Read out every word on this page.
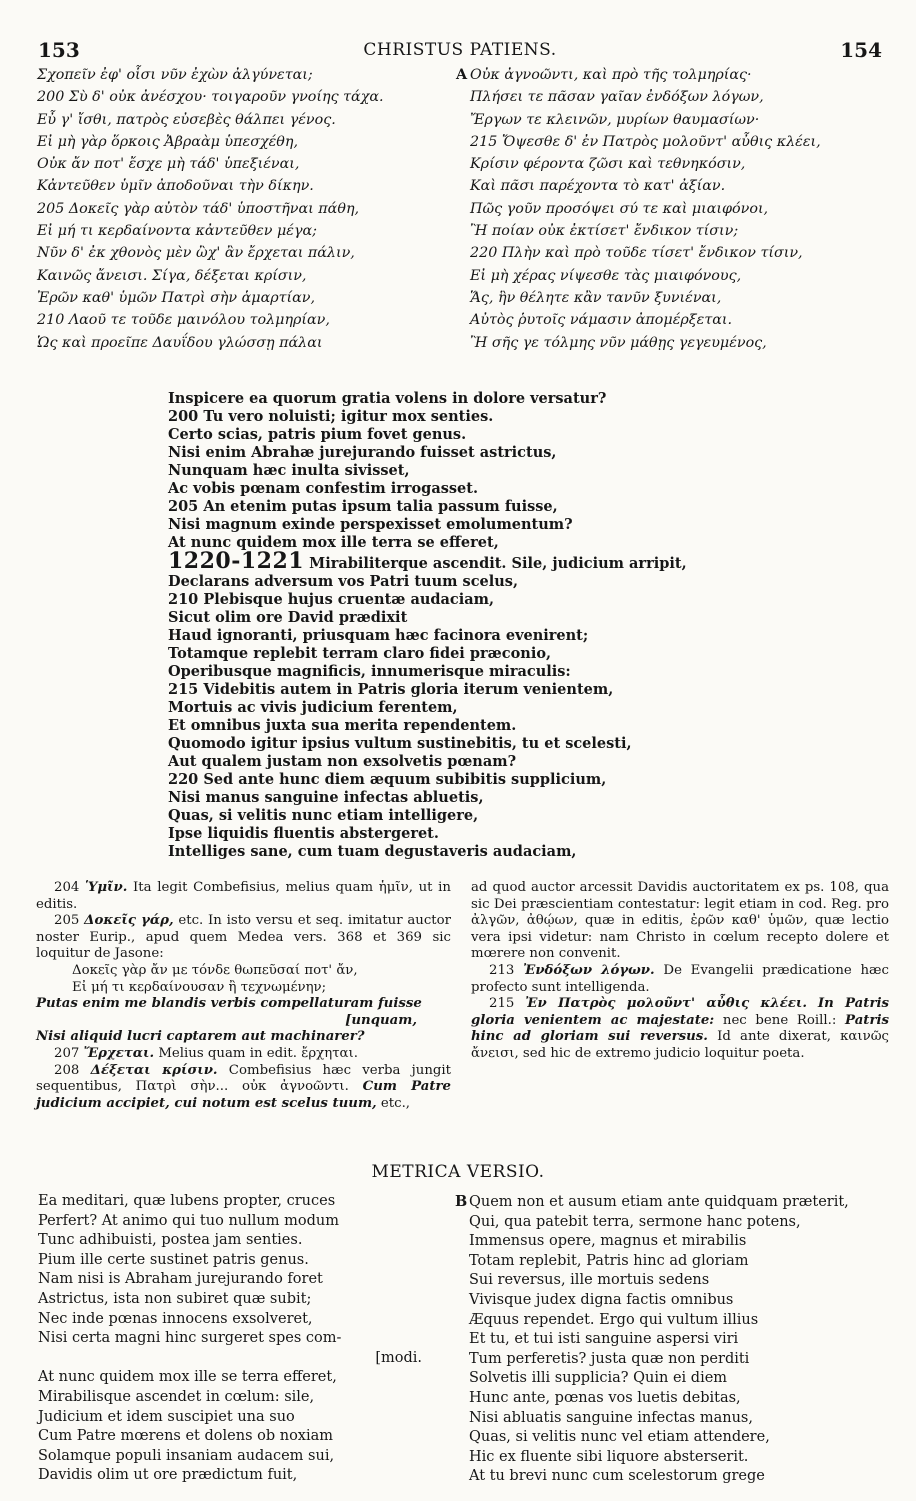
153	CHRISTUS PATIENS.	154
Σχοπεῖν ἐφ' οἷσι νῦν ἐχὼν ἀλγύνεται;
200 Σὺ δ' οὐκ ἀνέσχου· τοιγαροῦν γνοίης τάχα.
Εὖ γ' ἴσθι, πατρὸς εὐσεβὲς θάλπει γένος.
Εἰ μὴ γὰρ ὅρκοις Ἀβραὰμ ὑπεσχέθη,
Οὐκ ἄν ποτ' ἔσχε μὴ τάδ' ὑπεξιέναι,
Κἀντεῦθεν ὑμῖν ἀποδοῦναι τὴν δίκην.
205 Δοκεῖς γὰρ αὐτὸν τάδ' ὑποστῆναι πάθη,
Εἰ μή τι κερδαίνοντα κἀντεῦθεν μέγα;
Νῦν δ' ἐκ χθονὸς μὲν ὢχ' ἂν ἔρχεται πάλιν,
Καινῶς ἄνεισι. Σίγα, δέξεται κρίσιν,
Ἐρῶν καθ' ὑμῶν Πατρὶ σὴν ἁμαρτίαν,
210 Λαοῦ τε τοῦδε μαινόλου τολμηρίαν,
Ὡς καὶ προεῖπε Δαυΐδου γλώσσῃ πάλαι
A Οὐκ ἀγνοῶντι, καὶ πρὸ τῆς τολμηρίας·
Πλήσει τε πᾶσαν γαῖαν ἐνδόξων λόγων,
Ἔργων τε κλεινῶν, μυρίων θαυμασίων·
215 Ὄψεσθε δ' ἐν Πατρὸς μολοῦντ' αὖθις κλέει,
Κρίσιν φέροντα ζῶσι καὶ τεθνηκόσιν,
Καὶ πᾶσι παρέχοντα τὸ κατ' ἀξίαν.
Πῶς γοῦν προσόψει σύ τε καὶ μιαιφόνοι,
Ἢ ποίαν οὐκ ἐκτίσετ' ἔνδικον τίσιν;
220 Πλὴν καὶ πρὸ τοῦδε τίσετ' ἔνδικον τίσιν,
Εἰ μὴ χέρας νίψεσθε τὰς μιαιφόνους,
Ἅς, ἣν θέλητε κἂν τανῦν ξυνιέναι,
Αὐτὸς ῥυτοῖς νάμασιν ἀπομέρξεται.
Ἢ σῆς γε τόλμης νῦν μάθῃς γεγευμένος,
Inspicere ea quorum gratia volens in dolore versatur?
200 Tu vero noluisti; igitur mox senties.
Certo scias, patris pium fovet genus.
Nisi enim Abrahæ jurejurando fuisset astrictus,
Nunquam hæc inulta sivisset,
Ac vobis pœnam confestim irrogasset.
205 An etenim putas ipsum talia passum fuisse,
Nisi magnum exinde perspexisset emolumentum?
At nunc quidem mox ille terra se efferet,
1220-1221 Mirabiliterque ascendit. Sile, judicium arripit,
Declarans adversum vos Patri tuum scelus,
210 Plebisque hujus cruentæ audaciam,
Sicut olim ore David prædixit
Haud ignoranti, priusquam hæc facinora evenirent;
Totamque replebit terram claro fidei præconio,
Operibusque magnificis, innumerisque miraculis:
215 Videbitis autem in Patris gloria iterum venientem,
Mortuis ac vivis judicium ferentem,
Et omnibus juxta sua merita rependentem.
Quomodo igitur ipsius vultum sustinebitis, tu et scelesti,
Aut qualem justam non exsolvetis pœnam?
220 Sed ante hunc diem æquum subibitis supplicium,
Nisi manus sanguine infectas abluetis,
Quas, si velitis nunc etiam intelligere,
Ipse liquidis fluentis abstergeret.
Intelliges sane, cum tuam degustaveris audaciam,

204 Ὑμῖν. Ita legit Combefisius, melius quam ἡμῖν, ut in editis.

205 Δοκεῖς γάρ, etc. In isto versu et seq. imitatur auctor noster Eurip., apud quem Medea vers. 368 et 369 sic loquitur de Jasone:

Δοκεῖς γὰρ ἄν με τόνδε θωπεῦσαί ποτ' ἄν,

Εἰ μή τι κερδαίνουσαν ἢ τεχνωμένην;

Putas enim me blandis verbis compellaturam fuisse

[unquam,

Nisi aliquid lucri captarem aut machinarer?

207 Ἔρχεται. Melius quam in edit. ἔρχηται.

208 Δέξεται κρίσιν. Combefisius hæc verba jungit sequentibus, Πατρὶ σὴν... οὐκ ἀγνοῶντι. Cum Patre judicium accipiet, cui notum est scelus tuum, etc.,

ad quod auctor arcessit Davidis auctoritatem ex ps. 108, qua sic Dei præscientiam contestatur: legit etiam in cod. Reg. pro ἀλγῶν, ἀθῴων, quæ in editis, ἐρῶν καθ' ὑμῶν, quæ lectio vera ipsi videtur: nam Christo in cœlum recepto dolere et mœrere non convenit.

213 Ἐνδόξων λόγων. De Evangelii prædicatione hæc profecto sunt intelligenda.

215 Ἐν Πατρὸς μολοῦντ' αὖθις κλέει. In Patris gloria venientem ac majestate: nec bene Roill.: Patris hinc ad gloriam sui reversus. Id ante dixerat, καινῶς ἄνεισι, sed hic de extremo judicio loquitur poeta.

METRICA VERSIO.
Ea meditari, quæ lubens propter, cruces
Perfert? At animo qui tuo nullum modum
Tunc adhibuisti, postea jam senties.
Pium ille certe sustinet patris genus.
Nam nisi is Abraham jurejurando foret
Astrictus, ista non subiret quæ subit;
Nec inde pœnas innocens exsolveret,
Nisi certa magni hinc surgeret spes com-
[modi.
At nunc quidem mox ille se terra efferet,
Mirabilisque ascendet in cœlum: sile,
Judicium et idem suscipiet una suo
Cum Patre mœrens et dolens ob noxiam
Solamque populi insaniam audacem sui,
Davidis olim ut ore prædictum fuit,
B Quem non et ausum etiam ante quidquam præterit,
Qui, qua patebit terra, sermone hanc potens,
Immensus opere, magnus et mirabilis
Totam replebit, Patris hinc ad gloriam
Sui reversus, ille mortuis sedens
Vivisque judex digna factis omnibus
Æquus rependet. Ergo qui vultum illius
Et tu, et tui isti sanguine aspersi viri
Tum perferetis? justa quæ non perditi
Solvetis illi supplicia? Quin ei diem
Hunc ante, pœnas vos luetis debitas,
Nisi abluatis sanguine infectas manus,
Quas, si velitis nunc vel etiam attendere,
Hic ex fluente sibi liquore absterserit.
At tu brevi nunc cum scelestorum grege
